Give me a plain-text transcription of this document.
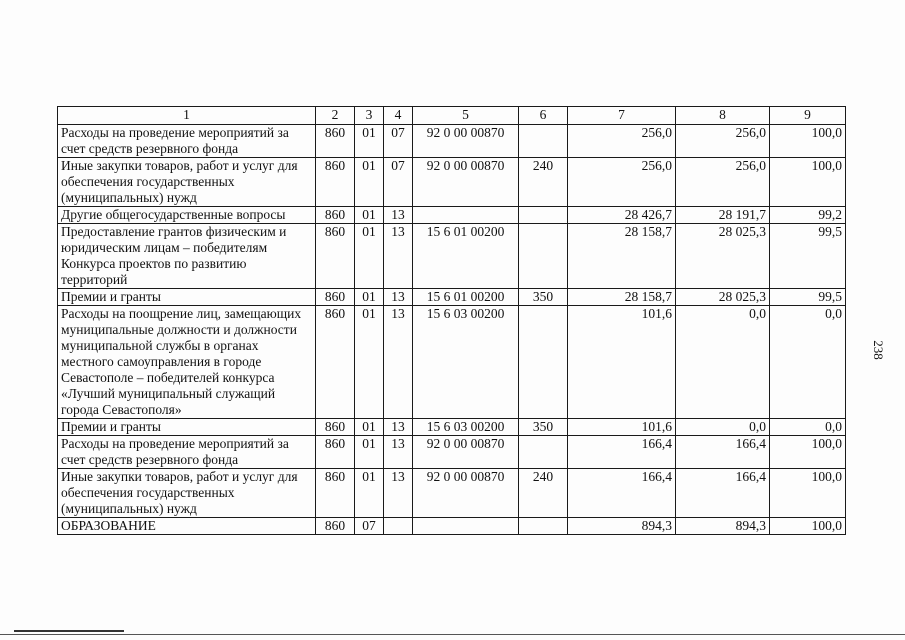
1	2	3	4	5	6	7	8	9
Расходы на проведение мероприятий за счет средств резервного фонда	860	01	07	92 0 00 00870		256,0	256,0	100,0
Иные закупки товаров, работ и услуг для обеспечения государственных (муниципальных) нужд	860	01	07	92 0 00 00870	240	256,0	256,0	100,0
Другие общегосударственные вопросы	860	01	13			28 426,7	28 191,7	99,2
Предоставление грантов физическим и юридическим лицам – победителям Конкурса проектов по развитию территорий	860	01	13	15 6 01 00200		28 158,7	28 025,3	99,5
Премии и гранты	860	01	13	15 6 01 00200	350	28 158,7	28 025,3	99,5
Расходы на поощрение лиц, замещающих муниципальные должности и должности муниципальной службы в органах местного самоуправления в городе Севастополе – победителей конкурса «Лучший муниципальный служащий города Севастополя»	860	01	13	15 6 03 00200		101,6	0,0	0,0
Премии и гранты	860	01	13	15 6 03 00200	350	101,6	0,0	0,0
Расходы на проведение мероприятий за счет средств резервного фонда	860	01	13	92 0 00 00870		166,4	166,4	100,0
Иные закупки товаров, работ и услуг для обеспечения государственных (муниципальных) нужд	860	01	13	92 0 00 00870	240	166,4	166,4	100,0
ОБРАЗОВАНИЕ	860	07				894,3	894,3	100,0
238
